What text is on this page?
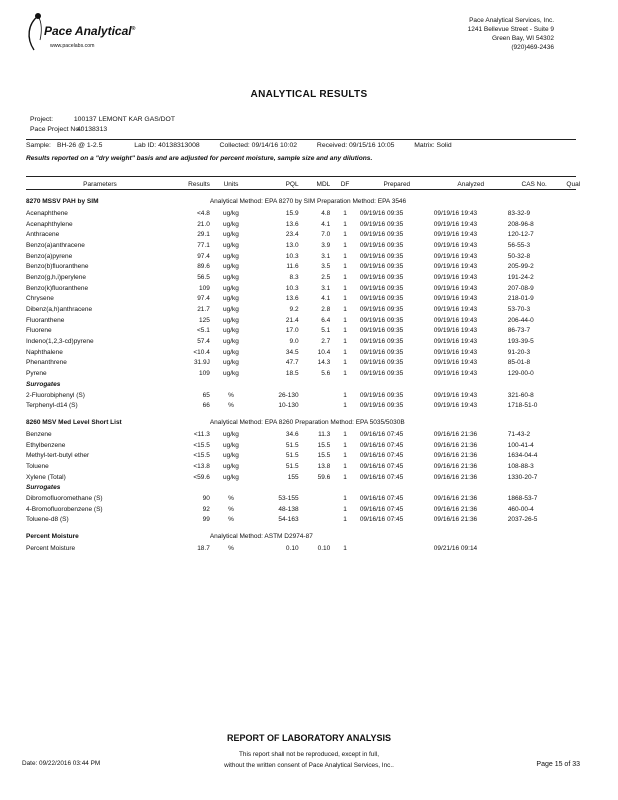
Pace Analytical®
www.pacelabs.com
Pace Analytical Services, Inc.
1241 Bellevue Street - Suite 9
Green Bay, WI 54302
(920)469-2436
ANALYTICAL RESULTS
Project:	100137 LEMONT KAR GAS/DOT
Pace Project No.: 40138313
Sample: BH-26 @ 1-2.5	Lab ID: 40138313008	Collected: 09/14/16 10:02	Received: 09/15/16 10:05	Matrix: Solid
Results reported on a "dry weight" basis and are adjusted for percent moisture, sample size and any dilutions.
Parameters	Results	Units	PQL	MDL	DF	Prepared	Analyzed	CAS No.	Qual
8270 MSSV PAH by SIM		Analytical Method: EPA 8270 by SIM Preparation Method: EPA 3546							
Acenaphthene	<4.8	ug/kg	15.9	4.8	1	09/19/16 09:35	09/19/16 19:43	83-32-9	
Acenaphthylene	21.0	ug/kg	13.6	4.1	1	09/19/16 09:35	09/19/16 19:43	208-96-8	
Anthracene	29.1	ug/kg	23.4	7.0	1	09/19/16 09:35	09/19/16 19:43	120-12-7	
Benzo(a)anthracene	77.1	ug/kg	13.0	3.9	1	09/19/16 09:35	09/19/16 19:43	56-55-3	
Benzo(a)pyrene	97.4	ug/kg	10.3	3.1	1	09/19/16 09:35	09/19/16 19:43	50-32-8	
Benzo(b)fluoranthene	89.6	ug/kg	11.6	3.5	1	09/19/16 09:35	09/19/16 19:43	205-99-2	
Benzo(g,h,i)perylene	56.5	ug/kg	8.3	2.5	1	09/19/16 09:35	09/19/16 19:43	191-24-2	
Benzo(k)fluoranthene	109	ug/kg	10.3	3.1	1	09/19/16 09:35	09/19/16 19:43	207-08-9	
Chrysene	97.4	ug/kg	13.6	4.1	1	09/19/16 09:35	09/19/16 19:43	218-01-9	
Dibenz(a,h)anthracene	21.7	ug/kg	9.2	2.8	1	09/19/16 09:35	09/19/16 19:43	53-70-3	
Fluoranthene	125	ug/kg	21.4	6.4	1	09/19/16 09:35	09/19/16 19:43	206-44-0	
Fluorene	<5.1	ug/kg	17.0	5.1	1	09/19/16 09:35	09/19/16 19:43	86-73-7	
Indeno(1,2,3-cd)pyrene	57.4	ug/kg	9.0	2.7	1	09/19/16 09:35	09/19/16 19:43	193-39-5	
Naphthalene	<10.4	ug/kg	34.5	10.4	1	09/19/16 09:35	09/19/16 19:43	91-20-3	
Phenanthrene	31.9J	ug/kg	47.7	14.3	1	09/19/16 09:35	09/19/16 19:43	85-01-8	
Pyrene	109	ug/kg	18.5	5.6	1	09/19/16 09:35	09/19/16 19:43	129-00-0	
Surrogates									
2-Fluorobiphenyl (S)	65	%	26-130		1	09/19/16 09:35	09/19/16 19:43	321-60-8	
Terphenyl-d14 (S)	66	%	10-130		1	09/19/16 09:35	09/19/16 19:43	1718-51-0	
8260 MSV Med Level Short List		Analytical Method: EPA 8260 Preparation Method: EPA 5035/5030B							
Benzene	<11.3	ug/kg	34.6	11.3	1	09/16/16 07:45	09/16/16 21:36	71-43-2	
Ethylbenzene	<15.5	ug/kg	51.5	15.5	1	09/16/16 07:45	09/16/16 21:36	100-41-4	
Methyl-tert-butyl ether	<15.5	ug/kg	51.5	15.5	1	09/16/16 07:45	09/16/16 21:36	1634-04-4	
Toluene	<13.8	ug/kg	51.5	13.8	1	09/16/16 07:45	09/16/16 21:36	108-88-3	
Xylene (Total)	<59.6	ug/kg	155	59.6	1	09/16/16 07:45	09/16/16 21:36	1330-20-7	
Surrogates									
Dibromofluoromethane (S)	90	%	53-155		1	09/16/16 07:45	09/16/16 21:36	1868-53-7	
4-Bromofluorobenzene (S)	92	%	48-138		1	09/16/16 07:45	09/16/16 21:36	460-00-4	
Toluene-d8 (S)	99	%	54-163		1	09/16/16 07:45	09/16/16 21:36	2037-26-5	
Percent Moisture		Analytical Method: ASTM D2974-87							
Percent Moisture	18.7	%	0.10	0.10	1		09/21/16 09:14		
REPORT OF LABORATORY ANALYSIS
This report shall not be reproduced, except in full,
without the written consent of Pace Analytical Services, Inc..
Date: 09/22/2016 03:44 PM	Page 15 of 33
